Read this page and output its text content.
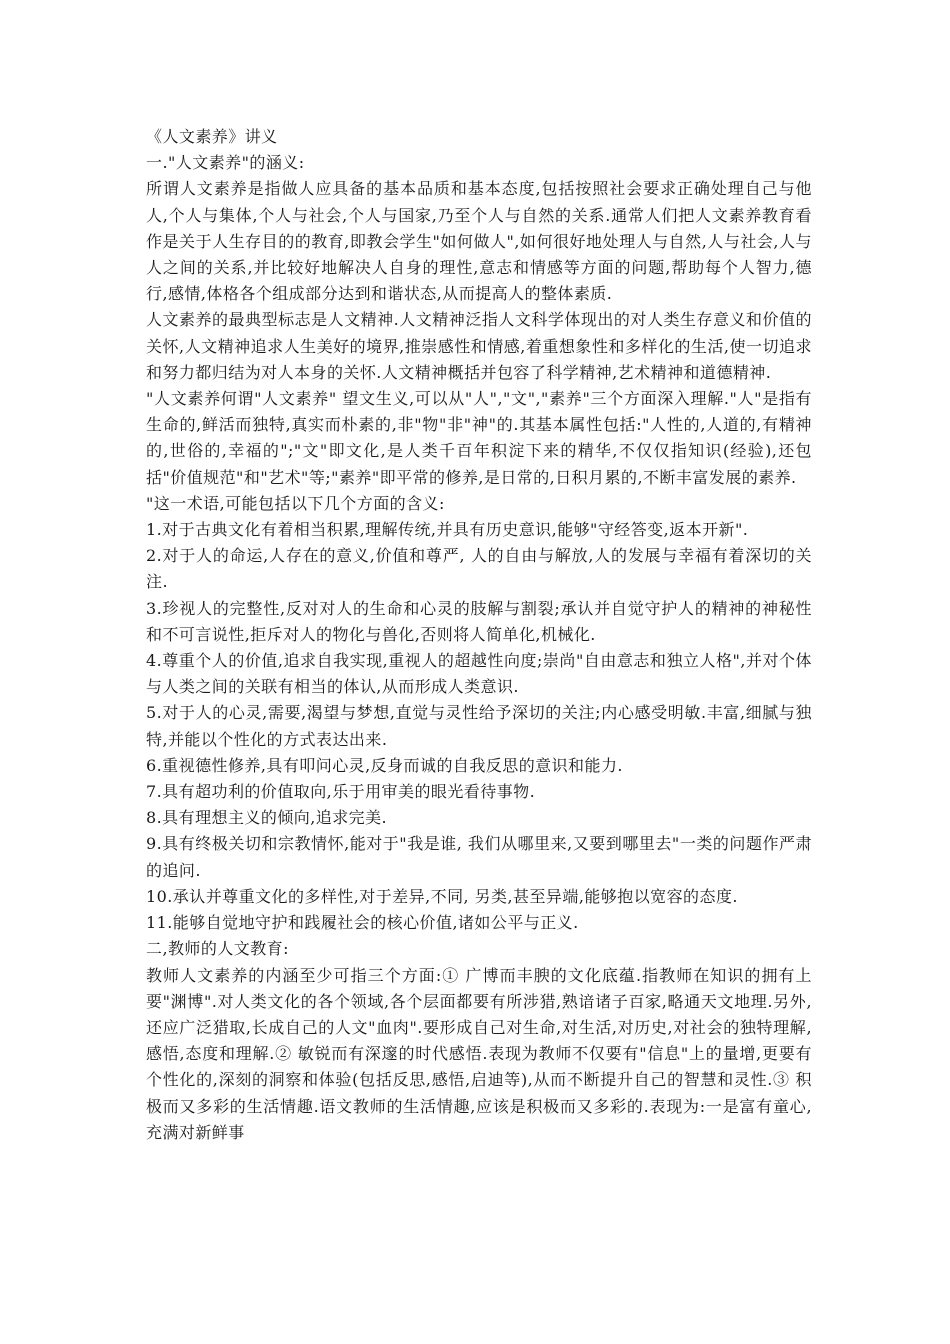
《人文素养》讲义

一."人文素养"的涵义:

所谓人文素养是指做人应具备的基本品质和基本态度,包括按照社会要求正确处理自己与他人,个人与集体,个人与社会,个人与国家,乃至个人与自然的关系.通常人们把人文素养教育看作是关于人生存目的的教育,即教会学生"如何做人",如何很好地处理人与自然,人与社会,人与人之间的关系,并比较好地解决人自身的理性,意志和情感等方面的问题,帮助每个人智力,德行,感情,体格各个组成部分达到和谐状态,从而提高人的整体素质.

人文素养的最典型标志是人文精神.人文精神泛指人文科学体现出的对人类生存意义和价值的关怀,人文精神追求人生美好的境界,推崇感性和情感,着重想象性和多样化的生活,使一切追求和努力都归结为对人本身的关怀.人文精神概括并包容了科学精神,艺术精神和道德精神.

"人文素养何谓"人文素养" 望文生义,可以从"人","文","素养"三个方面深入理解."人"是指有生命的,鲜活而独特,真实而朴素的,非"物"非"神"的.其基本属性包括:"人性的,人道的,有精神的,世俗的,幸福的";"文"即文化,是人类千百年积淀下来的精华,不仅仅指知识(经验),还包括"价值规范"和"艺术"等;"素养"即平常的修养,是日常的,日积月累的,不断丰富发展的素养.

"这一术语,可能包括以下几个方面的含义:

1.对于古典文化有着相当积累,理解传统,并具有历史意识,能够"守经答变,返本开新".

2.对于人的命运,人存在的意义,价值和尊严, 人的自由与解放,人的发展与幸福有着深切的关注.

3.珍视人的完整性,反对对人的生命和心灵的肢解与割裂;承认并自觉守护人的精神的神秘性和不可言说性,拒斥对人的物化与兽化,否则将人简单化,机械化.

4.尊重个人的价值,追求自我实现,重视人的超越性向度;崇尚"自由意志和独立人格",并对个体与人类之间的关联有相当的体认,从而形成人类意识.

5.对于人的心灵,需要,渴望与梦想,直觉与灵性给予深切的关注;内心感受明敏.丰富,细腻与独 特,并能以个性化的方式表达出来.

6.重视德性修养,具有叩问心灵,反身而诚的自我反思的意识和能力.

7.具有超功利的价值取向,乐于用审美的眼光看待事物.

8.具有理想主义的倾向,追求完美.

9.具有终极关切和宗教情怀,能对于"我是谁, 我们从哪里来,又要到哪里去"一类的问题作严肃的追问.

10.承认并尊重文化的多样性,对于差异,不同, 另类,甚至异端,能够抱以宽容的态度.

11.能够自觉地守护和践履社会的核心价值,诸如公平与正义.

二,教师的人文教育:

教师人文素养的内涵至少可指三个方面:① 广博而丰腴的文化底蕴.指教师在知识的拥有上要"渊博".对人类文化的各个领域,各个层面都要有所涉猎,熟谙诸子百家,略通天文地理.另外,还应广泛猎取,长成自己的人文"血肉".要形成自己对生命,对生活,对历史,对社会的独特理解,感悟,态度和理解.② 敏锐而有深邃的时代感悟.表现为教师不仅要有"信息"上的量增,更要有个性化的,深刻的洞察和体验(包括反思,感悟,启迪等),从而不断提升自己的智慧和灵性.③ 积极而又多彩的生活情趣.语文教师的生活情趣,应该是积极而又多彩的.表现为:一是富有童心,充满对新鲜事
